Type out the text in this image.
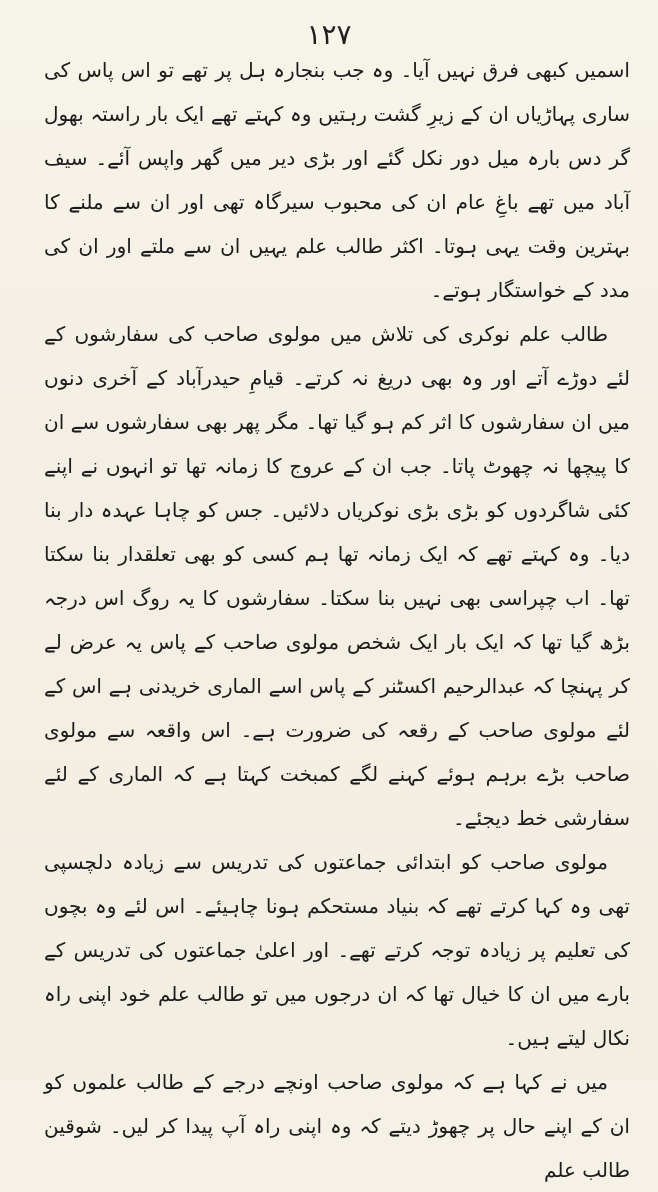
۱۲۷

اسمیں کبھی فرق نہیں آیا۔ وہ جب بنجارہ ہل پر تھے تو اس پاس کی ساری پہاڑیاں ان کے زیرِ گشت رہتیں وہ کہتے تھے ایک بار راستہ بھول گر دس بارہ میل دور نکل گئے اور بڑی دیر میں گھر واپس آئے۔ سیف آباد میں تھے باغِ عام ان کی محبوب سیرگاہ تھی اور ان سے ملنے کا بہترین وقت یہی ہوتا۔ اکثر طالب علم یہیں ان سے ملتے اور ان کی مدد کے خواستگار ہوتے۔

طالب علم نوکری کی تلاش میں مولوی صاحب کی سفارشوں کے لئے دوڑے آتے اور وہ بھی دریغ نہ کرتے۔ قیامِ حیدرآباد کے آخری دنوں میں ان سفارشوں کا اثر کم ہو گیا تھا۔ مگر پھر بھی سفارشوں سے ان کا پیچھا نہ چھوٹ پاتا۔ جب ان کے عروج کا زمانہ تھا تو انہوں نے اپنے کئی شاگردوں کو بڑی بڑی نوکریاں دلائیں۔ جس کو چاہا عہدہ دار بنا دیا۔ وہ کہتے تھے کہ ایک زمانہ تھا ہم کسی کو بھی تعلقدار بنا سکتا تھا۔ اب چپراسی بھی نہیں بنا سکتا۔ سفارشوں کا یہ روگ اس درجہ بڑھ گیا تھا کہ ایک بار ایک شخص مولوی صاحب کے پاس یہ عرض لے کر پہنچا کہ عبدالرحیم اکسٹنر کے پاس اسے الماری خریدنی ہے اس کے لئے مولوی صاحب کے رقعہ کی ضرورت ہے۔ اس واقعہ سے مولوی صاحب بڑے برہم ہوئے کہنے لگے کمبخت کہتا ہے کہ الماری کے لئے سفارشی خط دیجئے۔

مولوی صاحب کو ابتدائی جماعتوں کی تدریس سے زیادہ دلچسپی تھی وہ کہا کرتے تھے کہ بنیاد مستحکم ہونا چاہیئے۔ اس لئے وہ بچوں کی تعلیم پر زیادہ توجہ کرتے تھے۔ اور اعلیٰ جماعتوں کی تدریس کے بارے میں ان کا خیال تھا کہ ان درجوں میں تو طالب علم خود اپنی راہ نکال لیتے ہیں۔

میں نے کہا ہے کہ مولوی صاحب اونچے درجے کے طالب علموں کو ان کے اپنے حال پر چھوڑ دیتے کہ وہ اپنی راہ آپ پیدا کر لیں۔ شوقین طالب علم
